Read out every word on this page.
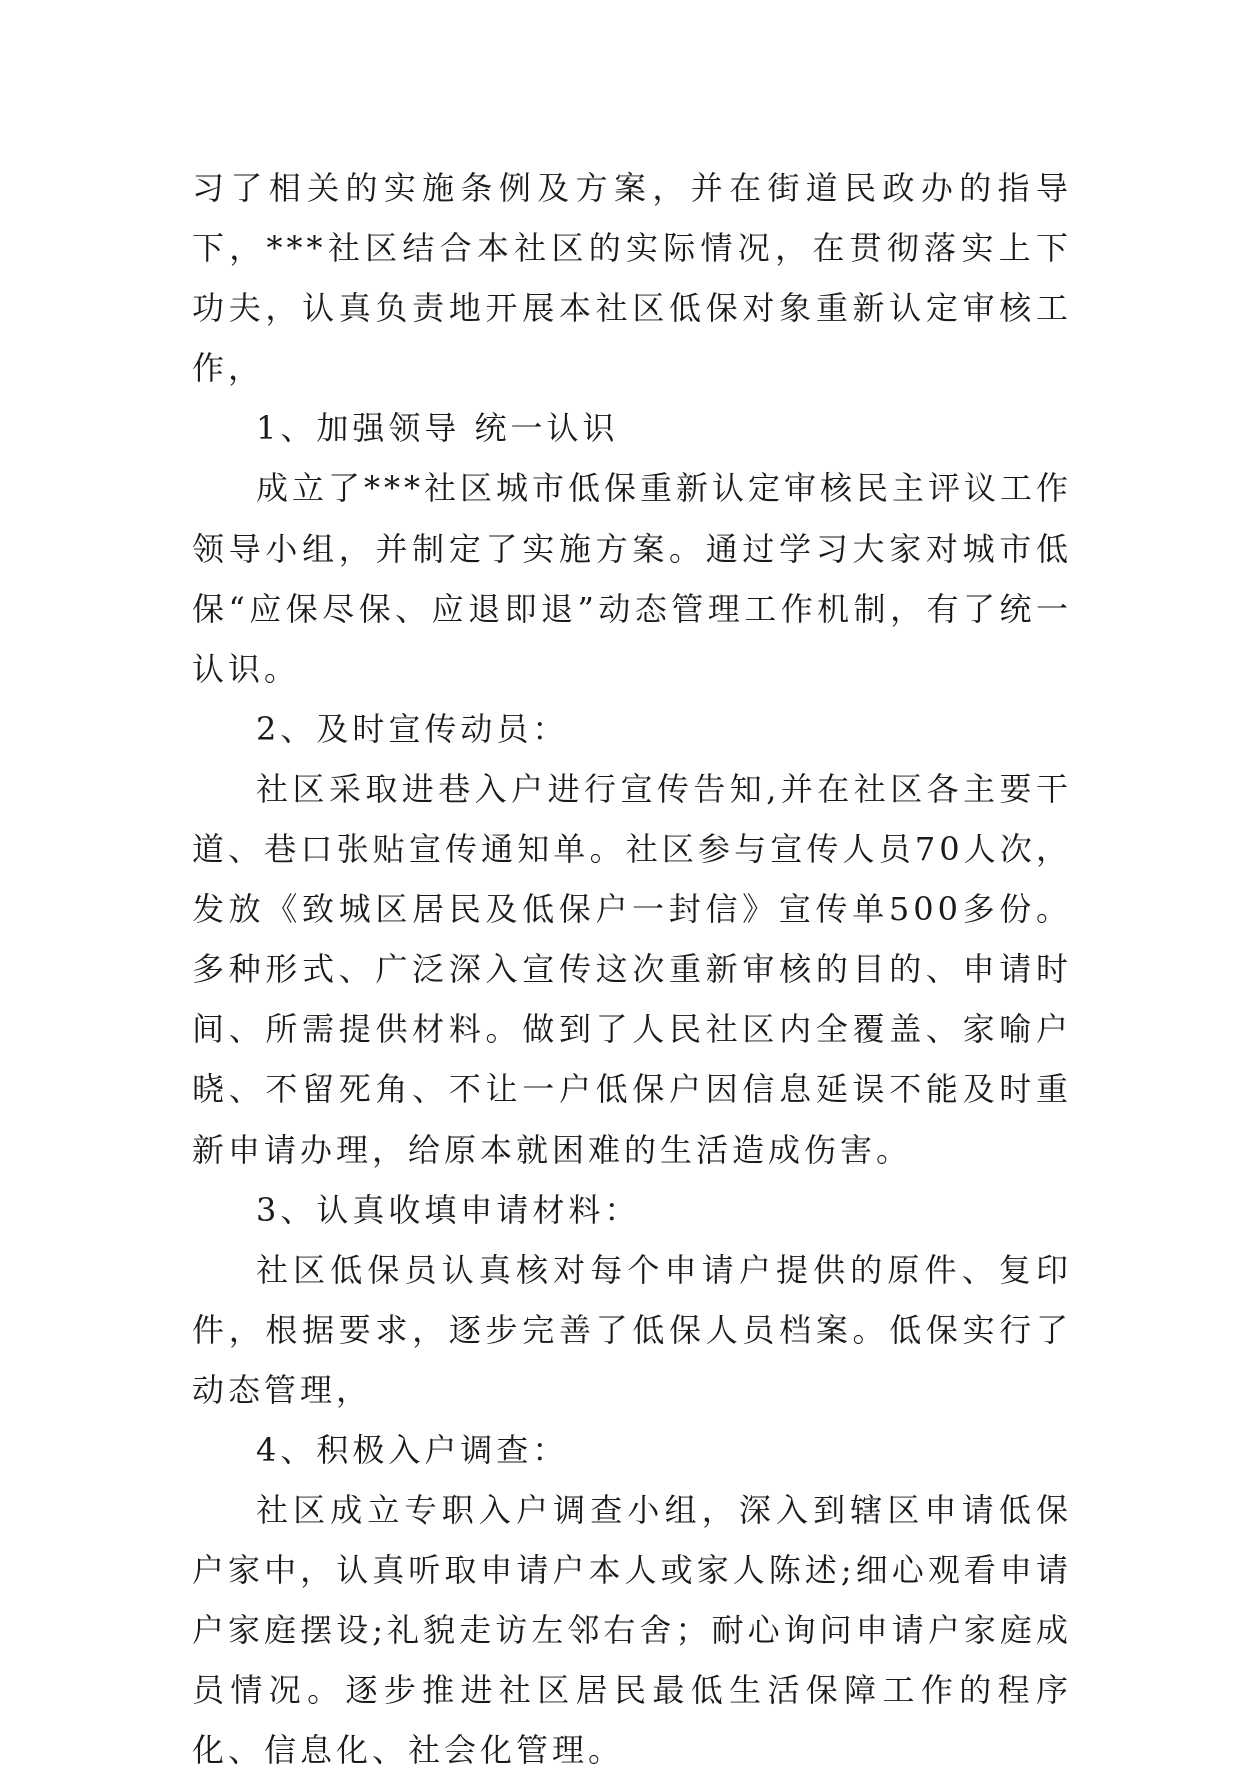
习了相关的实施条例及方案，并在街道民政办的指导下，***社区结合本社区的实际情况，在贯彻落实上下功夫，认真负责地开展本社区低保对象重新认定审核工作，

1、加强领导 统一认识

成立了***社区城市低保重新认定审核民主评议工作领导小组，并制定了实施方案。通过学习大家对城市低保“应保尽保、应退即退”动态管理工作机制，有了统一认识。

2、及时宣传动员：

社区采取进巷入户进行宣传告知,并在社区各主要干道、巷口张贴宣传通知单。社区参与宣传人员70人次，发放《致城区居民及低保户一封信》宣传单500多份。多种形式、广泛深入宣传这次重新审核的目的、申请时间、所需提供材料。做到了人民社区内全覆盖、家喻户晓、不留死角、不让一户低保户因信息延误不能及时重新申请办理，给原本就困难的生活造成伤害。

3、认真收填申请材料：

社区低保员认真核对每个申请户提供的原件、复印件，根据要求，逐步完善了低保人员档案。低保实行了动态管理，

4、积极入户调查：

社区成立专职入户调查小组，深入到辖区申请低保户家中，认真听取申请户本人或家人陈述;细心观看申请户家庭摆设;礼貌走访左邻右舍；耐心询问申请户家庭成员情况。逐步推进社区居民最低生活保障工作的程序化、信息化、社会化管理。
